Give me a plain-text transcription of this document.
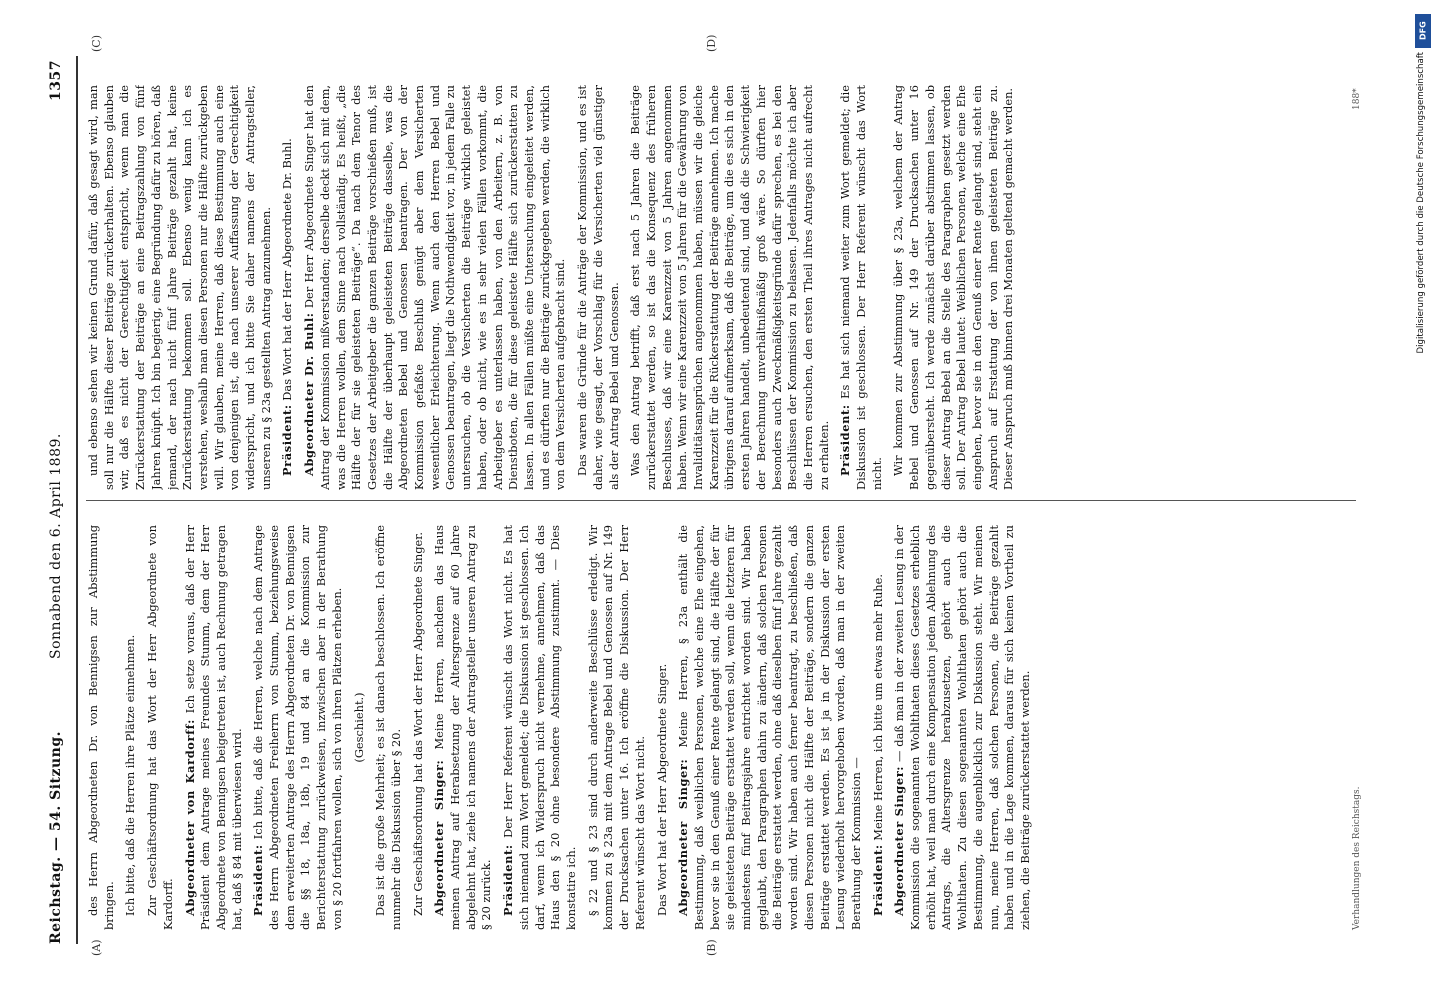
Reichstag. — 54. Sitzung.
Sonnabend den 6. April 1889.
1357
(A)	(B)
(C)	(D)

des Herrn Abgeordneten Dr. von Bennigsen zur Abstimmung bringen. Ich bitte, daß die Herren ihre Plätze einnehmen. Zur Geschäftsordnung hat das Wort der Herr Abgeordnete von Kardorff. Abgeordneter von Kardorff: Ich setze voraus, daß der Herr Präsident dem Antrage meines Freundes Stumm, dem der Herr Abgeordnete von Bennigsen beigetreten ist, auch Rechnung getragen hat, daß § 84 mit überwiesen wird. Präsident: Ich bitte, daß die Herren, welche nach dem Antrage des Herrn Abgeordneten Freiherrn von Stumm, beziehungsweise dem erweiterten Antrage des Herrn Abgeordneten Dr. von Bennigsen die §§ 18, 18a, 18b, 19 und 84 an die Kommission zur Berichterstattung zurückweisen, inzwischen aber in der Berathung von § 20 fortfahren wollen, sich von ihren Plätzen erheben. (Geschieht.) Das ist die große Mehrheit; es ist danach beschlossen. Ich eröffne nunmehr die Diskussion über § 20. Zur Geschäftsordnung hat das Wort der Herr Abgeordnete Singer. Abgeordneter Singer: Meine Herren, nachdem das Haus meinen Antrag auf Herabsetzung der Altersgrenze auf 60 Jahre abgelehnt hat, ziehe ich namens der Antragsteller unseren Antrag zu § 20 zurück. Präsident: Der Herr Referent wünscht das Wort nicht. Es hat sich niemand zum Wort gemeldet; die Diskussion ist geschlossen. Ich darf, wenn ich Widerspruch nicht vernehme, annehmen, daß das Haus den § 20 ohne besondere Abstimmung zustimmt. — Dies konstatire ich. § 22 und § 23 sind durch anderweite Beschlüsse erledigt. Wir kommen zu § 23a mit dem Antrage Bebel und Genossen auf Nr. 149 der Drucksachen unter 16. Ich eröffne die Diskussion. Der Herr Referent wünscht das Wort nicht. Das Wort hat der Herr Abgeordnete Singer. Abgeordneter Singer: Meine Herren, § 23a enthält die Bestimmung, daß weiblichen Personen, welche eine Ehe eingehen, bevor sie in den Genuß einer Rente gelangt sind, die Hälfte der für sie geleisteten Beiträge erstattet werden soll, wenn die letzteren für mindestens fünf Beitragsjahre entrichtet worden sind. Wir haben geglaubt, den Paragraphen dahin zu ändern, daß solchen Personen die Beiträge erstattet werden, ohne daß dieselben fünf Jahre gezahlt worden sind. Wir haben auch ferner beantragt, zu beschließen, daß diesen Personen nicht die Hälfte der Beiträge, sondern die ganzen Beiträge erstattet werden. Es ist ja in der Diskussion der ersten Lesung wiederholt hervorgehoben worden, daß man in der zweiten Berathung der Kommission — Präsident: Meine Herren, ich bitte um etwas mehr Ruhe.

Abgeordneter Singer: — daß man in der zweiten Lesung in der Kommission die sogenannten Wohlthaten dieses Gesetzes erheblich erhöht hat, weil man durch eine Kompensation jedem Ablehnung des Antrags, die Altersgrenze herabzusetzen, gehört auch die Wohlthaten. Zu diesen sogenannten Wohlthaten gehört auch die Bestimmung, die augenblicklich zur Diskussion steht. Wir meinen nun, meine Herren, daß solchen Personen, die Beiträge gezahlt haben und in die Lage kommen, daraus für sich keinen Vortheil zu ziehen, die Beiträge zurückerstattet werden.

und ebenso sehen wir keinen Grund dafür, daß gesagt wird, man soll nur die Hälfte dieser Beiträge zurückerhalten. Ebenso glauben wir, daß es nicht der Gerechtigkeit entspricht, wenn man die Zurückerstattung der Beiträge an eine Beitragszahlung von fünf Jahren knüpft. Ich bin begierig, eine Begründung dafür zu hören, daß jemand, der nach nicht fünf Jahre Beiträge gezahlt hat, keine Zurückerstattung bekommen soll. Ebenso wenig kann ich es verstehen, weshalb man diesen Personen nur die Hälfte zurückgeben will. Wir glauben, meine Herren, daß diese Bestimmung auch eine von denjenigen ist, die nach unserer Auffassung der Gerechtigkeit widerspricht, und ich bitte Sie daher namens der Antragsteller, unseren zu § 23a gestellten Antrag anzunehmen. Präsident: Das Wort hat der Herr Abgeordnete Dr. Buhl. Abgeordneter Dr. Buhl: Der Herr Abgeordnete Singer hat den Antrag der Kommission mißverstanden; derselbe deckt sich mit dem, was die Herren wollen, dem Sinne nach vollständig. Es heißt, „die Hälfte der für sie geleisteten Beiträge“. Da nach dem Tenor des Gesetzes der Arbeitgeber die ganzen Beiträge vorschießen muß, ist die Hälfte der überhaupt geleisteten Beiträge dasselbe, was die Abgeordneten Bebel und Genossen beantragen. Der von der Kommission gefaßte Beschluß genügt aber dem Versicherten wesentlicher Erleichterung. Wenn auch den Herren Bebel und Genossen beantragen, liegt die Nothwendigkeit vor, in jedem Falle zu untersuchen, ob die Versicherten die Beiträge wirklich geleistet haben, oder ob nicht, wie es in sehr vielen Fällen vorkommt, die Arbeitgeber es unterlassen haben, von den Arbeitern, z. B. von Dienstboten, die für diese geleistete Hälfte sich zurückerstatten zu lassen. In allen Fällen müßte eine Untersuchung eingeleitet werden, und es dürften nur die Beiträge zurückgegeben werden, die wirklich von dem Versicherten aufgebracht sind. Das waren die Gründe für die Anträge der Kommission, und es ist daher, wie gesagt, der Vorschlag für die Versicherten viel günstiger als der Antrag Bebel und Genossen. Was den Antrag betrifft, daß erst nach 5 Jahren die Beiträge zurückerstattet werden, so ist das die Konsequenz des früheren Beschlusses, daß wir eine Karenzzeit von 5 Jahren angenommen haben. Wenn wir eine Karenzzeit von 5 Jahren für die Gewährung von Invaliditätsansprüchen angenommen haben, müssen wir die gleiche Karenzzeit für die Rückerstattung der Beiträge annehmen. Ich mache übrigens darauf aufmerksam, daß die Beiträge, um die es sich in den ersten Jahren handelt, unbedeutend sind, und daß die Schwierigkeit der Berechnung unverhältnißmäßig groß wäre. So dürften hier besonders auch Zweckmäßigkeitsgründe dafür sprechen, es bei den Beschlüssen der Kommission zu belassen. Jedenfalls möchte ich aber die Herren ersuchen, den ersten Theil ihres Antrages nicht aufrecht zu erhalten. Präsident: Es hat sich niemand weiter zum Wort gemeldet; die Diskussion ist geschlossen. Der Herr Referent wünscht das Wort nicht. Wir kommen zur Abstimmung über § 23a, welchem der Antrag Bebel und Genossen auf Nr. 149 der Drucksachen unter 16 gegenübersteht. Ich werde zunächst darüber abstimmen lassen, ob dieser Antrag Bebel an die Stelle des Paragraphen gesetzt werden soll. Der Antrag Bebel lautet: Weiblichen Personen, welche eine Ehe eingehen, bevor sie in den Genuß einer Rente gelangt sind, steht ein Anspruch auf Erstattung der von ihnen geleisteten Beiträge zu. Dieser Anspruch muß binnen drei Monaten geltend gemacht werden.

Verhandlungen des Reichstags.
188*
DFG
Digitalisierung gefördert durch die Deutsche Forschungsgemeinschaft
